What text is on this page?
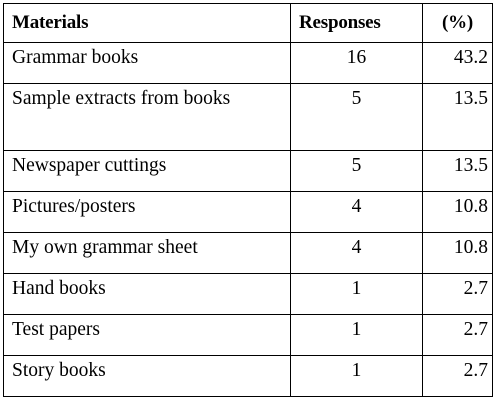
Materials	Responses	(%)
Grammar books	16	43.2
Sample extracts from books	5	13.5
Newspaper cuttings	5	13.5
Pictures/posters	4	10.8
My own grammar sheet	4	10.8
Hand books	1	2.7
Test papers	1	2.7
Story books	1	2.7
